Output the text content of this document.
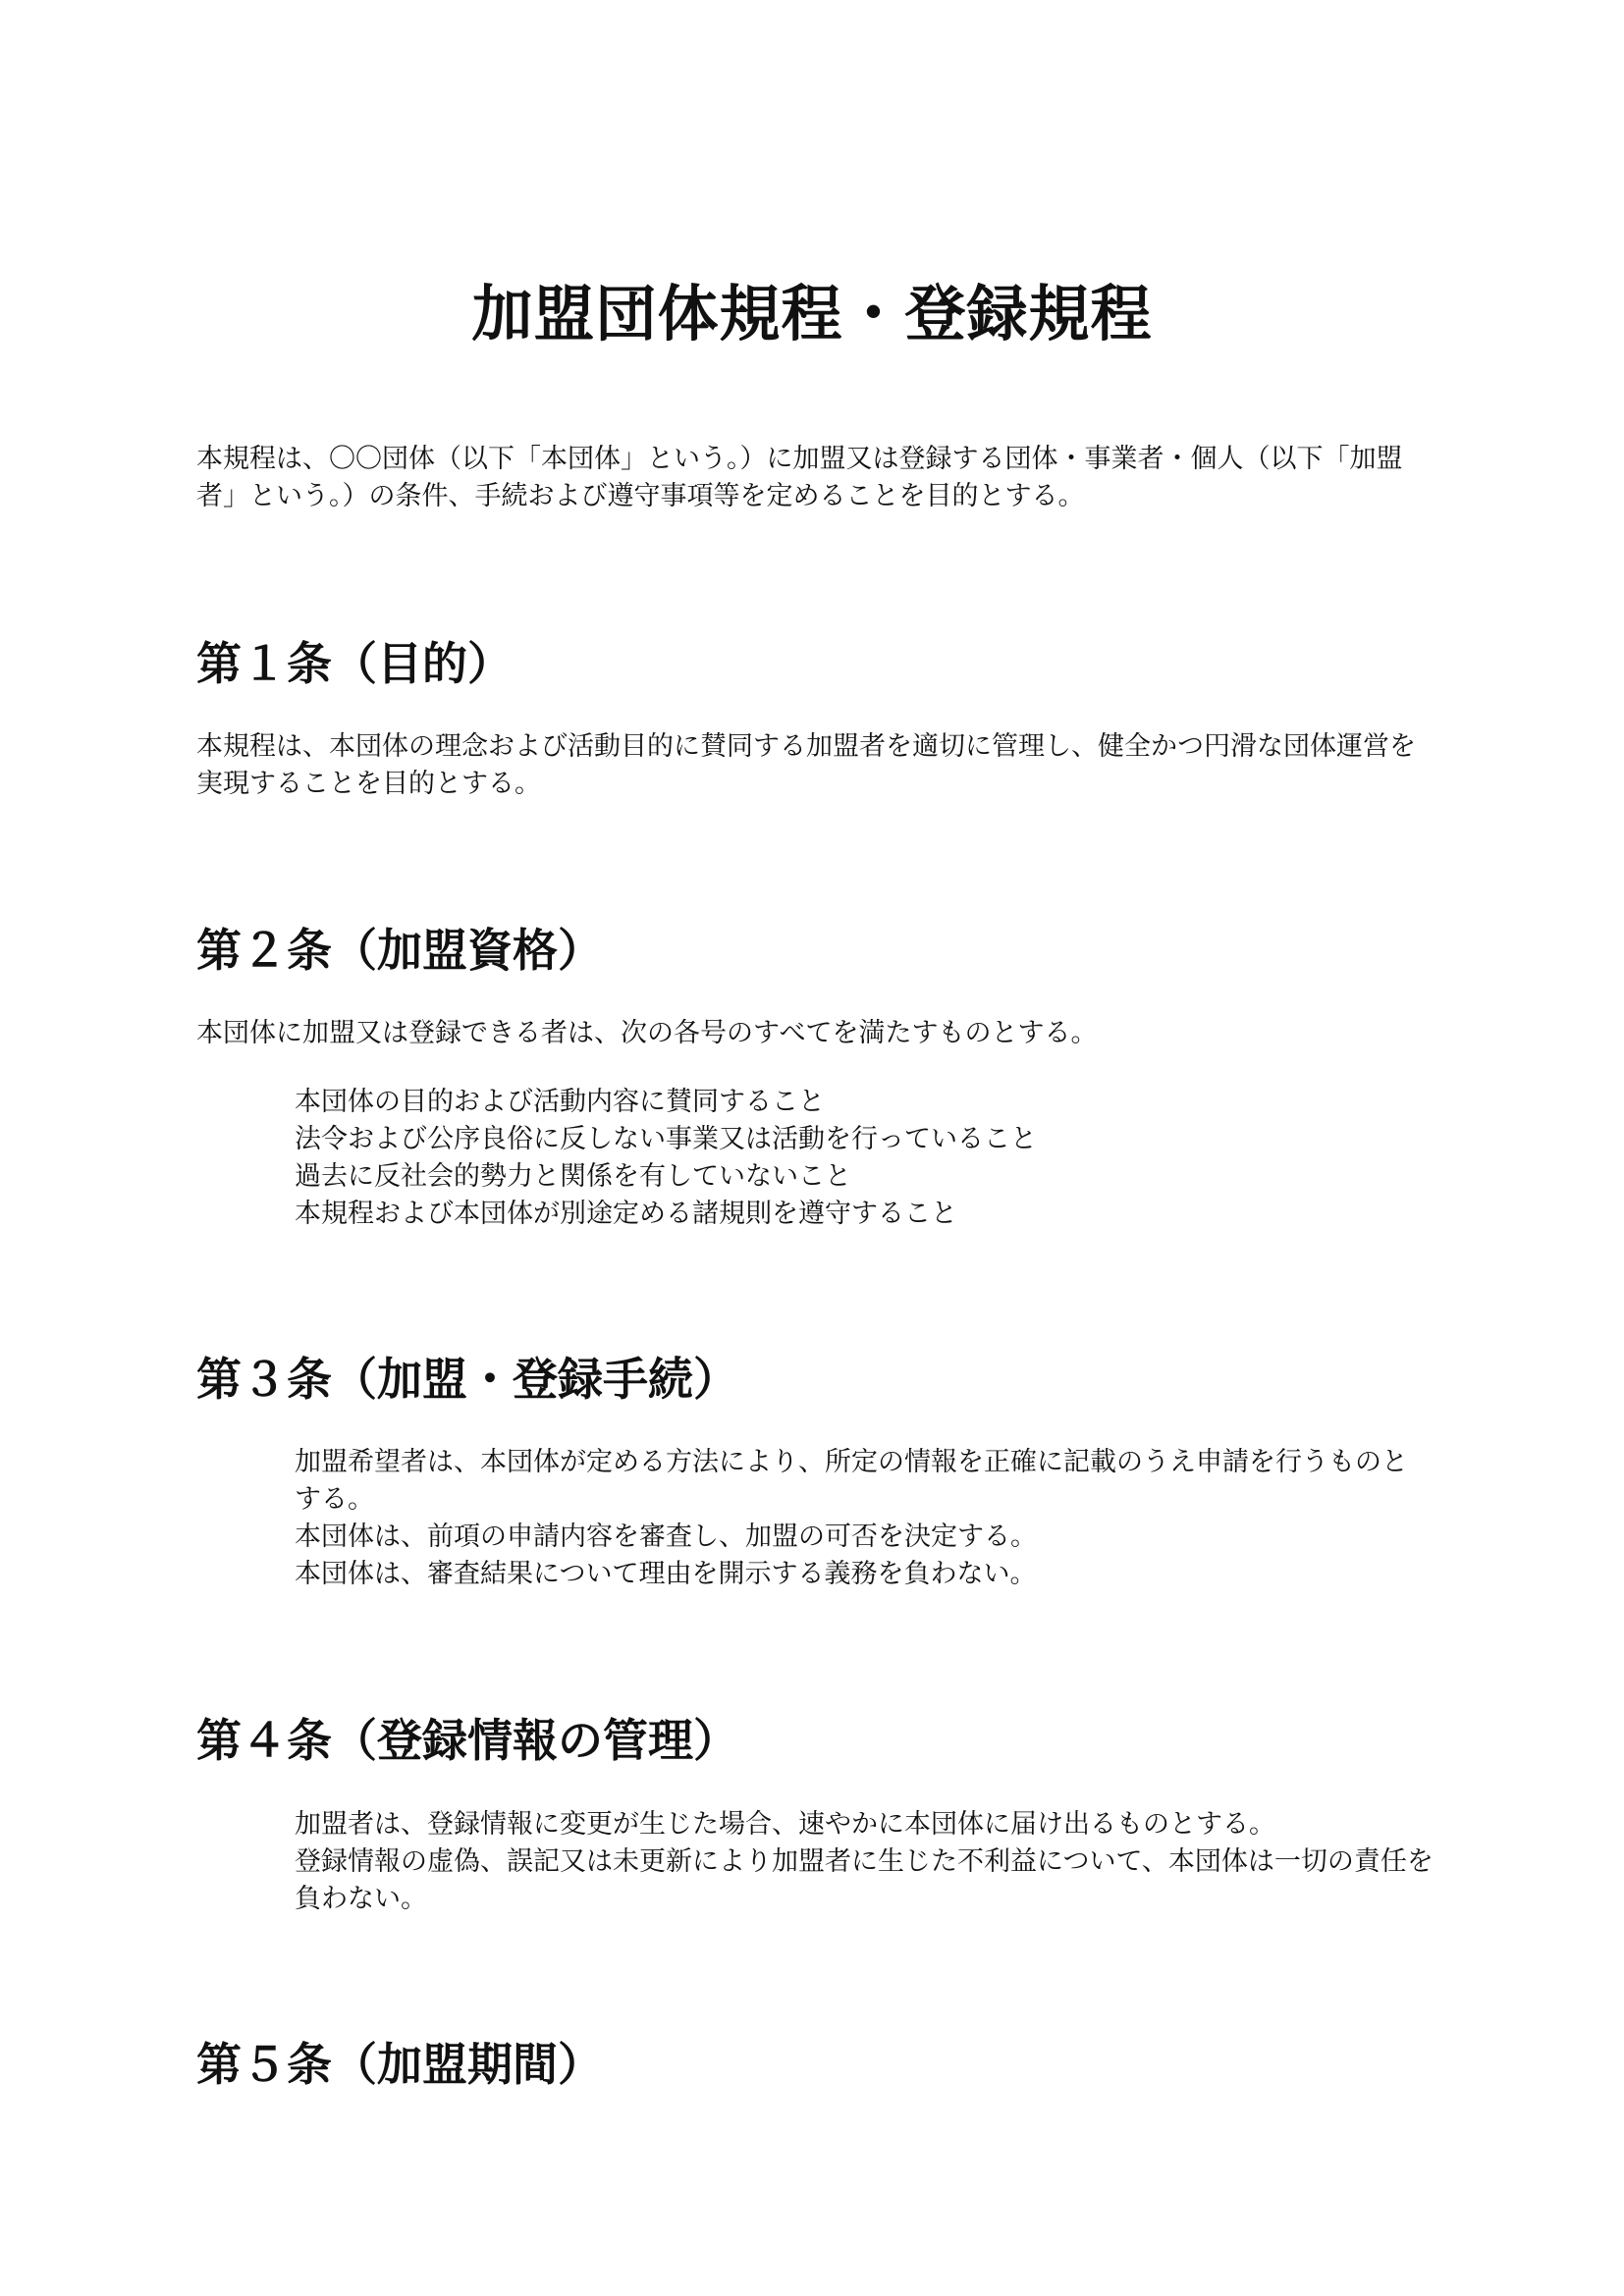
加盟団体規程・登録規程

本規程は、〇〇団体（以下「本団体」という。）に加盟又は登録する団体・事業者・個人（以下「加盟者」という。）の条件、手続および遵守事項等を定めることを目的とする。

第１条（目的）

本規程は、本団体の理念および活動目的に賛同する加盟者を適切に管理し、健全かつ円滑な団体運営を実現することを目的とする。

第２条（加盟資格）

本団体に加盟又は登録できる者は、次の各号のすべてを満たすものとする。

本団体の目的および活動内容に賛同すること
法令および公序良俗に反しない事業又は活動を行っていること
過去に反社会的勢力と関係を有していないこと
本規程および本団体が別途定める諸規則を遵守すること
第３条（加盟・登録手続）
加盟希望者は、本団体が定める方法により、所定の情報を正確に記載のうえ申請を行うものとする。
本団体は、前項の申請内容を審査し、加盟の可否を決定する。
本団体は、審査結果について理由を開示する義務を負わない。
第４条（登録情報の管理）
加盟者は、登録情報に変更が生じた場合、速やかに本団体に届け出るものとする。
登録情報の虚偽、誤記又は未更新により加盟者に生じた不利益について、本団体は一切の責任を負わない。
第５条（加盟期間）
